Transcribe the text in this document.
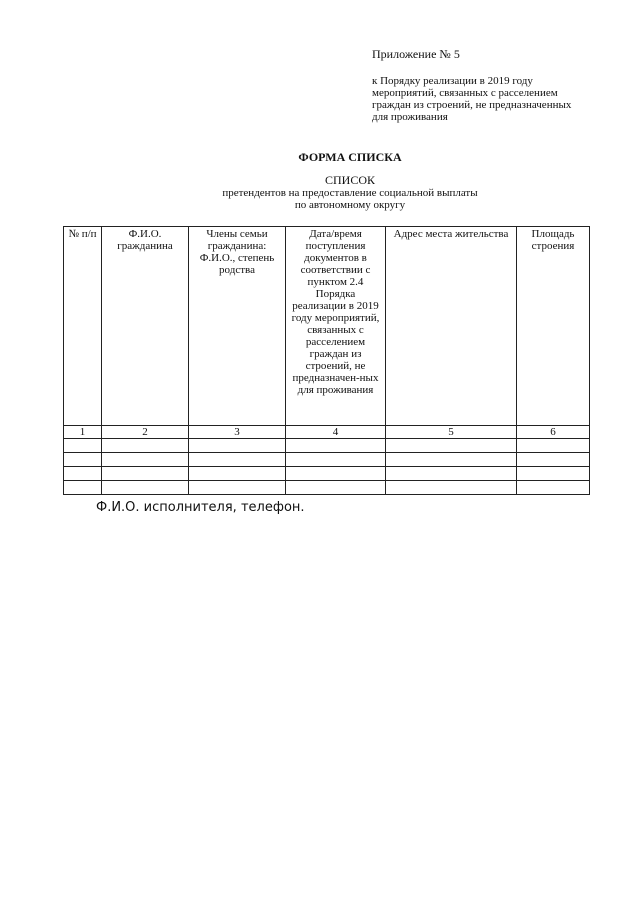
Приложение № 5
к Порядку реализации в 2019 году
мероприятий, связанных с расселением
граждан из строений, не предназначенных
для проживания
ФОРМА СПИСКА
СПИСОК
претендентов на предоставление социальной выплаты
по автономному округу
№ п/п	Ф.И.О. гражданина	Члены семьи гражданина: Ф.И.О., степень родства	Дата/время поступления документов в соответствии с пунктом 2.4 Порядка реализации в 2019 году мероприятий, связанных с расселением граждан из строений, не предназначен-ных для проживания	Адрес места жительства	Площадь строения
1	2	3	4	5	6

Ф.И.О. исполнителя, телефон.
